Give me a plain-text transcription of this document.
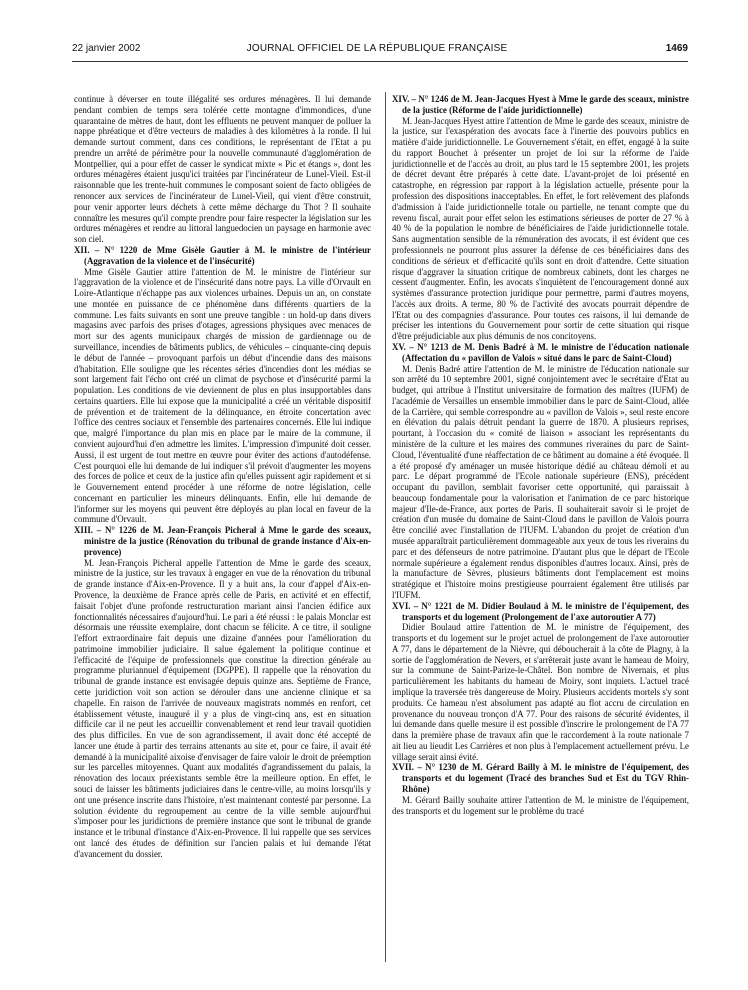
22 janvier 2002	JOURNAL OFFICIEL DE LA RÉPUBLIQUE FRANÇAISE	1469

continue à déverser en toute illégalité ses ordures ménagères. Il lui demande pendant combien de temps sera tolérée cette montagne d'immondices, d'une quarantaine de mètres de haut, dont les effluents ne peuvent manquer de polluer la nappe phréatique et d'être vecteurs de maladies à des kilomètres à la ronde. Il lui demande surtout comment, dans ces conditions, le représentant de l'Etat a pu prendre un arrêté de périmètre pour la nouvelle communauté d'agglomération de Montpellier, qui a pour effet de casser le syndicat mixte « Pic et étangs », dont les ordures ménagères étaient jusqu'ici traitées par l'incinérateur de Lunel-Vieil. Est-il raisonnable que les trente-huit communes le composant soient de facto obligées de renoncer aux services de l'incinérateur de Lunel-Vieil, qui vient d'être construit, pour venir apporter leurs déchets à cette même décharge du Thot ? Il souhaite connaître les mesures qu'il compte prendre pour faire respecter la législation sur les ordures ménagères et rendre au littoral languedocien un paysage en harmonie avec son ciel.

XII. – N° 1220 de Mme Gisèle Gautier à M. le ministre de l'intérieur (Aggravation de la violence et de l'insécurité)

Mme Gisèle Gautier attire l'attention de M. le ministre de l'intérieur sur l'aggravation de la violence et de l'insécurité dans notre pays. La ville d'Orvault en Loire-Atlantique n'échappe pas aux violences urbaines. Depuis un an, on constate une montée en puissance de ce phénomène dans différents quartiers de la commune. Les faits suivants en sont une preuve tangible : un hold-up dans divers magasins avec parfois des prises d'otages, agressions physiques avec menaces de mort sur des agents municipaux chargés de mission de gardiennage ou de surveillance, incendies de bâtiments publics, de véhicules – cinquante-cinq depuis le début de l'année – provoquant parfois un début d'incendie dans des maisons d'habitation. Elle souligne que les récentes séries d'incendies dont les médias se sont largement fait l'écho ont créé un climat de psychose et d'insécurité parmi la population. Les conditions de vie deviennent de plus en plus insupportables dans certains quartiers. Elle lui expose que la municipalité a créé un véritable dispositif de prévention et de traitement de la délinquance, en étroite concertation avec l'office des centres sociaux et l'ensemble des partenaires concernés. Elle lui indique que, malgré l'importance du plan mis en place par le maire de la commune, il convient aujourd'hui d'en admettre les limites. L'impression d'impunité doit cesser. Aussi, il est urgent de tout mettre en œuvre pour éviter des actions d'autodéfense. C'est pourquoi elle lui demande de lui indiquer s'il prévoit d'augmenter les moyens des forces de police et ceux de la justice afin qu'elles puissent agir rapidement et si le Gouvernement entend procéder à une réforme de notre législation, celle concernant en particulier les mineurs délinquants. Enfin, elle lui demande de l'informer sur les moyens qui peuvent être déployés au plan local en faveur de la commune d'Orvault.

XIII. – N° 1226 de M. Jean-François Picheral à Mme le garde des sceaux, ministre de la justice (Rénovation du tribunal de grande instance d'Aix-en-provence)

M. Jean-François Picheral appelle l'attention de Mme le garde des sceaux, ministre de la justice, sur les travaux à engager en vue de la rénovation du tribunal de grande instance d'Aix-en-Provence. Il y a huit ans, la cour d'appel d'Aix-en-Provence, la deuxième de France après celle de Paris, en activité et en effectif, faisait l'objet d'une profonde restructuration mariant ainsi l'ancien édifice aux fonctionnalités nécessaires d'aujourd'hui. Le pari a été réussi : le palais Monclar est désormais une réussite exemplaire, dont chacun se félicite. A ce titre, il souligne l'effort extraordinaire fait depuis une dizaine d'années pour l'amélioration du patrimoine immobilier judiciaire. Il salue également la politique continue et l'efficacité de l'équipe de professionnels que constitue la direction générale au programme pluriannuel d'équipement (DGPPE). Il rappelle que la rénovation du tribunal de grande instance est envisagée depuis quinze ans. Septième de France, cette juridiction voit son action se dérouler dans une ancienne clinique et sa chapelle. En raison de l'arrivée de nouveaux magistrats nommés en renfort, cet établissement vétuste, inauguré il y a plus de vingt-cinq ans, est en situation difficile car il ne peut les accueillir convenablement et rend leur travail quotidien des plus difficiles. En vue de son agrandissement, il avait donc été accepté de lancer une étude à partir des terrains attenants au site et, pour ce faire, il avait été demandé à la municipalité aixoise d'envisager de faire valoir le droit de préemption sur les parcelles mitoyennes. Quant aux modalités d'agrandissement du palais, la rénovation des locaux préexistants semble être la meilleure option. En effet, le souci de laisser les bâtiments judiciaires dans le centre-ville, au moins lorsqu'ils y ont une présence inscrite dans l'histoire, n'est maintenant contesté par personne. La solution évidente du regroupement au centre de la ville semble aujourd'hui s'imposer pour les juridictions de première instance que sont le tribunal de grande instance et le tribunal d'instance d'Aix-en-Provence. Il lui rappelle que ses services ont lancé des études de définition sur l'ancien palais et lui demande l'état d'avancement du dossier.

XIV. – N° 1246 de M. Jean-Jacques Hyest à Mme le garde des sceaux, ministre de la justice (Réforme de l'aide juridictionnelle)

M. Jean-Jacques Hyest attire l'attention de Mme le garde des sceaux, ministre de la justice, sur l'exaspération des avocats face à l'inertie des pouvoirs publics en matière d'aide juridictionnelle. Le Gouvernement s'était, en effet, engagé à la suite du rapport Bouchet à présenter un projet de loi sur la réforme de l'aide juridictionnelle et de l'accès au droit, au plus tard le 15 septembre 2001, les projets de décret devant être préparés à cette date. L'avant-projet de loi présenté en catastrophe, en régression par rapport à la législation actuelle, présente pour la profession des dispositions inacceptables. En effet, le fort relèvement des plafonds d'admission à l'aide juridictionnelle totale ou partielle, ne tenant compte que du revenu fiscal, aurait pour effet selon les estimations sérieuses de porter de 27 % à 40 % de la population le nombre de bénéficiaires de l'aide juridictionnelle totale. Sans augmentation sensible de la rémunération des avocats, il est évident que ces professionnels ne pourront plus assurer la défense de ces bénéficiaires dans des conditions de sérieux et d'efficacité qu'ils sont en droit d'attendre. Cette situation risque d'aggraver la situation critique de nombreux cabinets, dont les charges ne cessent d'augmenter. Enfin, les avocats s'inquiètent de l'encouragement donné aux systèmes d'assurance protection juridique pour permettre, parmi d'autres moyens, l'accès aux droits. A terme, 80 % de l'activité des avocats pourrait dépendre de l'Etat ou des compagnies d'assurance. Pour toutes ces raisons, il lui demande de préciser les intentions du Gouvernement pour sortir de cette situation qui risque d'être préjudiciable aux plus démunis de nos concitoyens.

XV. – N° 1213 de M. Denis Badré à M. le ministre de l'éducation nationale (Affectation du « pavillon de Valois » situé dans le parc de Saint-Cloud)

M. Denis Badré attire l'attention de M. le ministre de l'éducation nationale sur son arrêté du 10 septembre 2001, signé conjointement avec le secrétaire d'Etat au budget, qui attribue à l'Institut universitaire de formation des maîtres (IUFM) de l'académie de Versailles un ensemble immobilier dans le parc de Saint-Cloud, allée de la Carrière, qui semble correspondre au « pavillon de Valois », seul reste encore en élévation du palais détruit pendant la guerre de 1870. A plusieurs reprises, pourtant, à l'occasion du « comité de liaison » associant les représentants du ministère de la culture et les maires des communes riveraines du parc de Saint-Cloud, l'éventualité d'une réaffectation de ce bâtiment au domaine a été évoquée. Il a été proposé d'y aménager un musée historique dédié au château démoli et au parc. Le départ programmé de l'Ecole nationale supérieure (ENS), précédent occupant du pavillon, semblait favoriser cette opportunité, qui paraissait à beaucoup fondamentale pour la valorisation et l'animation de ce parc historique majeur d'Ile-de-France, aux portes de Paris. Il souhaiterait savoir si le projet de création d'un musée du domaine de Saint-Cloud dans le pavillon de Valois pourra être concilié avec l'installation de l'IUFM. L'abandon du projet de création d'un musée apparaîtrait particulièrement dommageable aux yeux de tous les riverains du parc et des défenseurs de notre patrimoine. D'autant plus que le départ de l'Ecole normale supérieure a également rendus disponibles d'autres locaux. Ainsi, près de la manufacture de Sèvres, plusieurs bâtiments dont l'emplacement est moins stratégique et l'histoire moins prestigieuse pourraient également être utilisés par l'IUFM.

XVI. – N° 1221 de M. Didier Boulaud à M. le ministre de l'équipement, des transports et du logement (Prolongement de l'axe autoroutier A 77)

Didier Boulaud attire l'attention de M. le ministre de l'équipement, des transports et du logement sur le projet actuel de prolongement de l'axe autoroutier A 77, dans le département de la Nièvre, qui déboucherait à la côte de Plagny, à la sortie de l'agglomération de Nevers, et s'arrêterait juste avant le hameau de Moiry, sur la commune de Saint-Parize-le-Châtel. Bon nombre de Nivernais, et plus particulièrement les habitants du hameau de Moiry, sont inquiets. L'actuel tracé implique la traversée très dangereuse de Moiry. Plusieurs accidents mortels s'y sont produits. Ce hameau n'est absolument pas adapté au flot accru de circulation en provenance du nouveau tronçon d'A 77. Pour des raisons de sécurité évidentes, il lui demande dans quelle mesure il est possible d'inscrire le prolongement de l'A 77 dans la première phase de travaux afin que le raccordement à la route nationale 7 ait lieu au lieudit Les Carrières et non plus à l'emplacement actuellement prévu. Le village serait ainsi évité.

XVII. – N° 1230 de M. Gérard Bailly à M. le ministre de l'équipement, des transports et du logement (Tracé des branches Sud et Est du TGV Rhin-Rhône)

M. Gérard Bailly souhaite attirer l'attention de M. le ministre de l'équipement, des transports et du logement sur le problème du tracé
